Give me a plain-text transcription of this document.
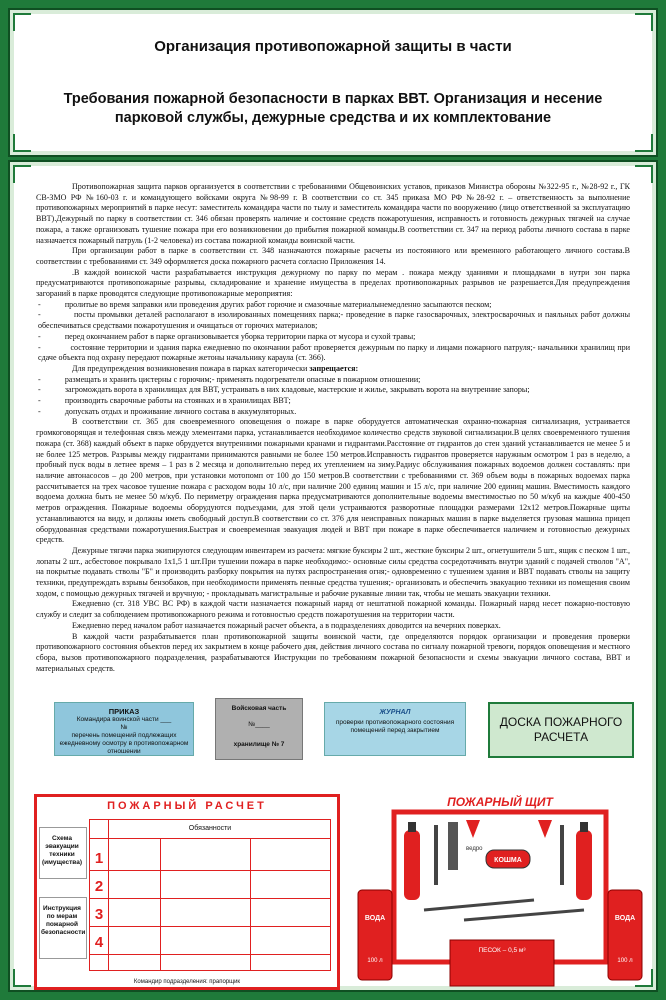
Организация противопожарной защиты в части
Требования пожарной безопасности в парках ВВТ. Организация и несение парковой службы, дежурные средства и их комплектование

Противопожарная защита парков организуется в соответствии с требованиями Общевоинских уставов, приказов Министра обороны №322-95 г., №28-92 г., ГК СВ-ЗМО РФ №160-03 г. и командующего войсками округа №98-99 г. В соответствии со ст. 345 приказа МО РФ №28-92 г. – ответственность за выполнение противопожарных мероприятий в парке несут: заместитель командира части по тылу и заместитель командира части по вооружению (лицо ответственной за эксплуатацию ВВТ).Дежурный по парку в соответствии ст. 346 обязан проверять наличие и состояние средств пожаротушения, исправность и готовность дежурных тягачей на случае пожара, а также организовать тушение пожара при его возникновении до прибытия пожарной команды.В соответствии ст. 347 на период работы личного состава в парке назначается пожарный патруль (1-2 человека) из состава пожарной команды воинской части.

При организации работ в парке в соответствии ст. 348 назначаются пожарные расчеты из постоянного или временного работающего личного состава.В соответствии с требованиями ст. 349 оформляется доска пожарного расчета согласно Приложения 14.

.В каждой воинской части разрабатывается инструкция дежурному по парку по мерам . пожара между зданиями и площадками в нутри зон парка предусматриваются противопожарные разрывы, складирование и хранение имущества в пределах противопожарных разрывов не разрешается.Для предупреждения загораний в парке проводятся следующие противопожарные мероприятия:

-            пролитые во время заправки или проведения других работ горючие и смазочные материалынемедленно засыпаются песком;

-            посты промывки деталей располагают в изолированных помещениях парка;- проведение в парке газосварочных, электросварочных и паяльных работ должны обеспечиваться средствами пожаротушения и очищаться от горючих материалов;

-            перед окончанием работ в парке организовывается уборка территории парка от мусора и сухой травы;

-            состояние территории и здания парка ежедневно по окончании работ проверяется дежурным по парку и лицами пожарного патруля;- начальники хранилищ при сдаче объекта под охрану передают пожарные жетоны начальнику караула (ст. 366).

Для предупреждения возникновения пожара в парках категорически запрещается:

-            размещать и хранить цистерны с горючим;- применять подогреватели опасные в пожарном отношении;

-            загромождать ворота в хранилищах для ВВТ, устраивать в них кладовые, мастерские и жилье, закрывать ворота на внутренние запоры;

-            производить сварочные работы на стоянках и в хранилищах ВВТ;

-            допускать отдых и проживание личного состава в аккумуляторных.

В соответствии ст. 365 для своевременного оповещения о пожаре в парке оборудуется автоматическая охранно-пожарная сигнализация, устраивается громкоговорящая и телефонная связь между элементами парка, устанавливается необходимое количество средств звуковой сигнализации.В целях своевременного тушения пожара (ст. 368) каждый объект в парке обрудуется внутренними пожарными кранами и гидрантами.Расстояние от гидрантов до стен зданий устанавливается не менее 5 и не более 125 метров. Разрывы между гидрантами принимаются равными не более 150 метров.Исправность гидрантов проверяется наружным осмотром 1 раз в неделю, а пробный пуск воды в летнее время – 1 раз в 2 месяца и дополнительно перед их утеплением на зиму.Радиус обслуживания пожарных водоемов должен составлять: при наличие автонасосов – до 200 метров, при установки мотопомп от 100 до 150 метров.В соответствии с требованиями ст. 369 объем воды в пожарных водоемах парка рассчитывается на трех часовое тушение пожара с расходом воды 10 л/с, при наличие 200 единиц машин и 15 л/с, при наличие 200 единиц машин. Вместимость каждого водоема должна быть не менее 50 м/куб. По периметру ограждения парка предусматриваются дополнительные водоемы вместимостью по 50 м/куб на каждые 400-450 метров ограждения. Пожарные водоемы оборудуются подъездами, для этой цели устраиваются разворотные площадки размерами 12х12 метров.Пожарные щиты устанавливаются на виду, и должны иметь свободный доступ.В соответствии со ст. 376 для неисправных пожарных машин в парке выделяется грузовая машина прицеп оборудованная средствами пожаротушения.Быстрая и своевременная эвакуация людей и ВВТ при пожаре в парке обеспечивается наличием и готовностью дежурных средств.

Дежурные тягачи парка экипируются следующим инвентарем из расчета: мягкие буксиры 2 шт., жесткие буксиры 2 шт., огнетушители 5 шт., ящик с песком 1 шт., лопаты 2 шт., асбестовое покрывало 1х1,5 1 шт.При тушении пожара в парке необходимо:- основные силы средства сосредотачивать внутри зданий с подачей стволов "А", на покрытые подавать стволы "Б" и производить разборку покрытия на путях распространения огня;- одновременно с тушением здания и ВВТ подавать стволы на защиту техники, предупреждать взрывы бензобаков, при необходимости применять пенные средства тушения;- организовать и обеспечить эвакуацию техники из помещения своим ходом, с помощью дежурных тягачей и вручную; - прокладывать магистральные и рабочие рукавные линии так, чтобы не мешать эвакуации техники.

Ежедневно (ст. 318 УВС ВС РФ) в каждой части назначается пожарный наряд от нештатной пожарной команды. Пожарный наряд несет пожарно-постовую службу и следит за соблюдением противопожарного режима и готовностью средств пожаротушения на территории части.

Ежедневно перед началом работ назначается пожарный расчет объекта, а в подразделениях доводится на вечерних поверках.

В каждой части разрабатывается план противопожарной защиты воинской части, где определяются порядок организации и проведения проверки противопожарного состояния объектов перед их закрытием в конце рабочего дня, действия личного состава по сигналу пожарной тревоги, порядок оповещения и местного сбора, вызов противопожарного подразделения, разрабатываются Инструкции по требованиям пожарной безопасности и схемы эвакуации личного состава, ВВТ и материальных средств.

ПРИКАЗ
Командира воинской части ___
№
перечень помещений подлежащих ежедневному осмотру в противопожарном отношении
Войсковая часть
№____
хранилище № 7
ЖУРНАЛ
проверки противопожарного состояния помещений перед закрытием
ДОСКА ПОЖАРНОГО РАСЧЕТА
ПОЖАРНЫЙ РАСЧЕТ
Схема эвакуации техники (имущества)
Инструкция по мерам пожарной безопасности
Обязанности
1
2
3
4
Командир подразделения: прапорщик
ПОЖАРНЫЙ ЩИТ
ведро
КОШМА
ВОДА
100 л
ВОДА
100 л
ПЕСОК – 0,5 м³
